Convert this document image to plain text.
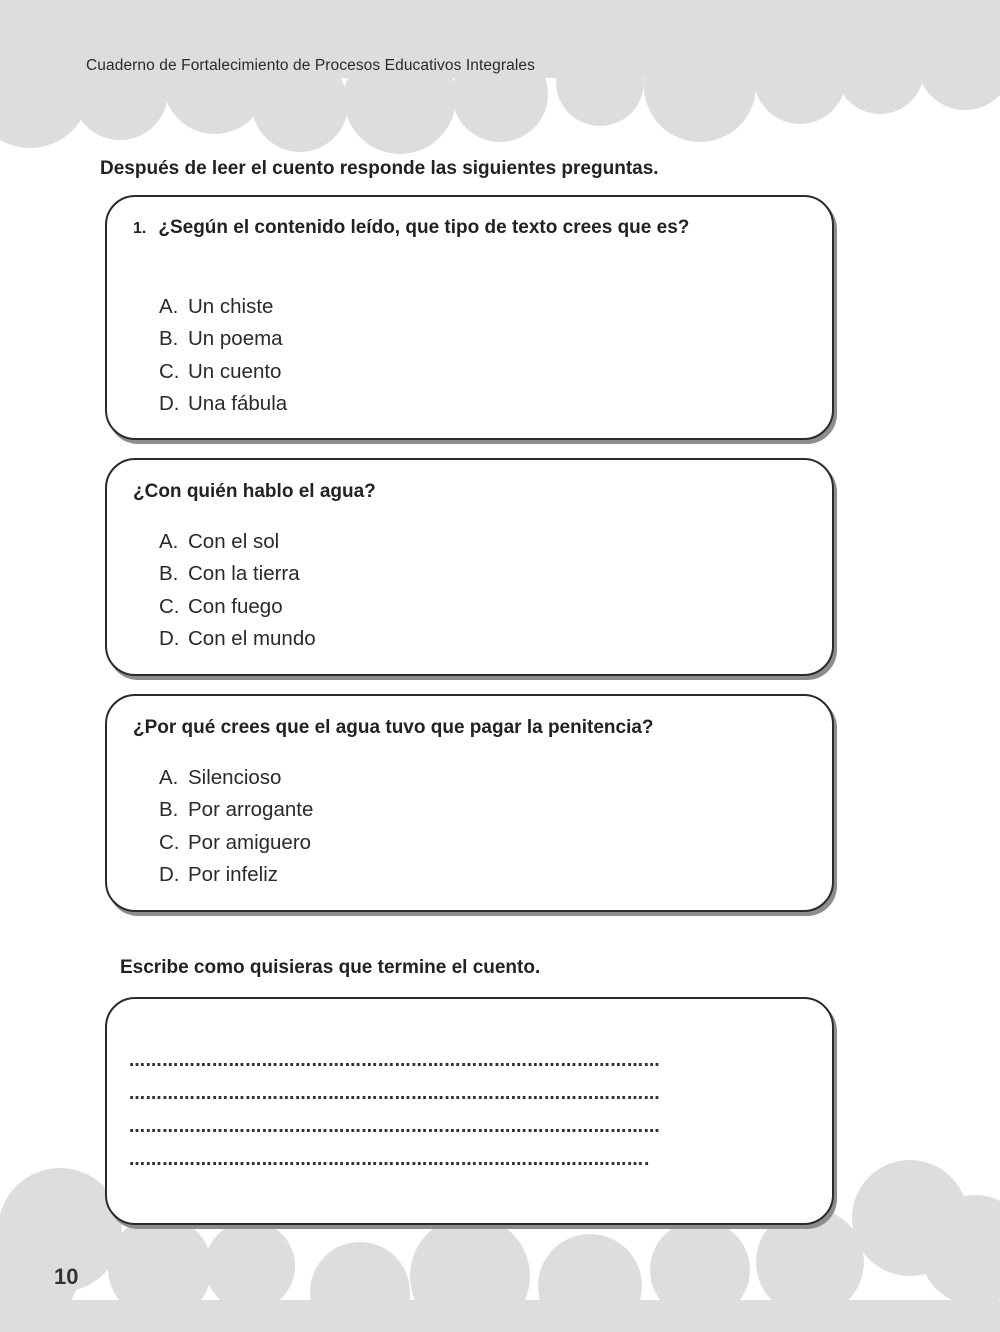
Cuaderno de Fortalecimiento de Procesos Educativos Integrales
Después de leer el cuento responde las siguientes preguntas.
1. ¿Según el contenido leído, que tipo de texto crees que es?
A. Un chiste
B. Un poema
C. Un cuento
D. Una fábula
¿Con quién hablo el agua?
A. Con el sol
B. Con la tierra
C. Con fuego
D. Con el mundo
¿Por qué crees que el agua tuvo que pagar la penitencia?
A. Silencioso
B. Por arrogante
C. Por amiguero
D. Por infeliz
Escribe como quisieras que termine el cuento.
……………………………………………………………………………………
……………………………………………………………………………………
……………………………………………………………………………………
………………………………………………………………………………….
10
